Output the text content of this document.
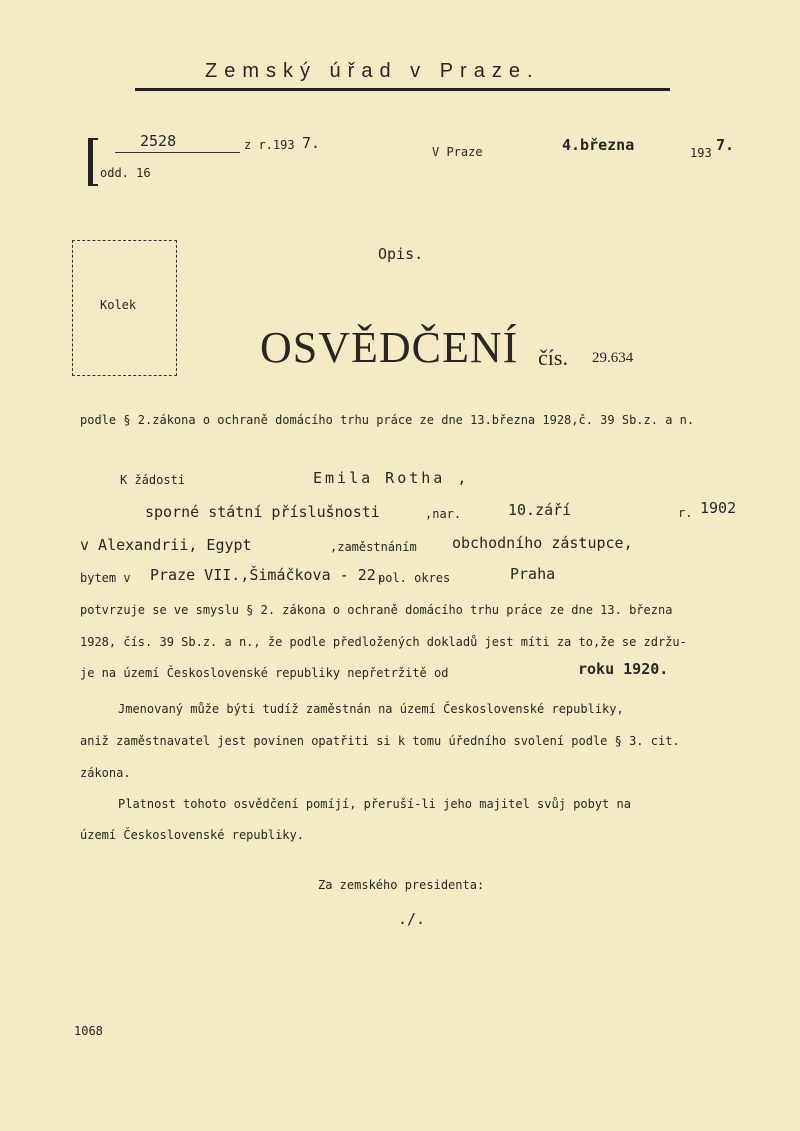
Zemský úřad v Praze.
2528	z r.193 7.
odd. 16
V Praze	4.března	193 7.
Kolek
Opis.
OSVĚDČENÍ čís. 29.634
podle § 2.zákona o ochraně domácího trhu práce ze dne 13.března 1928,č. 39 Sb.z. a n.
K žádosti	Emila Rotha ,
sporné státní příslušnosti	,nar.	10.září	r. 1902
v Alexandrii, Egypt	,zaměstnáním obchodního zástupce,
bytem v Praze VII.,Šimáčkova - 22,
pol. okres	Praha
potvrzuje se ve smyslu § 2. zákona o ochraně domácího trhu práce ze dne 13. března
1928, čís. 39 Sb.z. a n., že podle předložených dokladů jest míti za to,že se zdržu-
je na území Československé republiky nepřetržitě od	roku 1920.
Jmenovaný může býti tudíž zaměstnán na území Československé republiky,
aniž zaměstnavatel jest povinen opatřiti si k tomu úředního svolení podle § 3. cit.
zákona.
Platnost tohoto osvědčení pomíjí, přeruší-li jeho majitel svůj pobyt na
území Československé republiky.
Za zemského presidenta:
./.
1068
